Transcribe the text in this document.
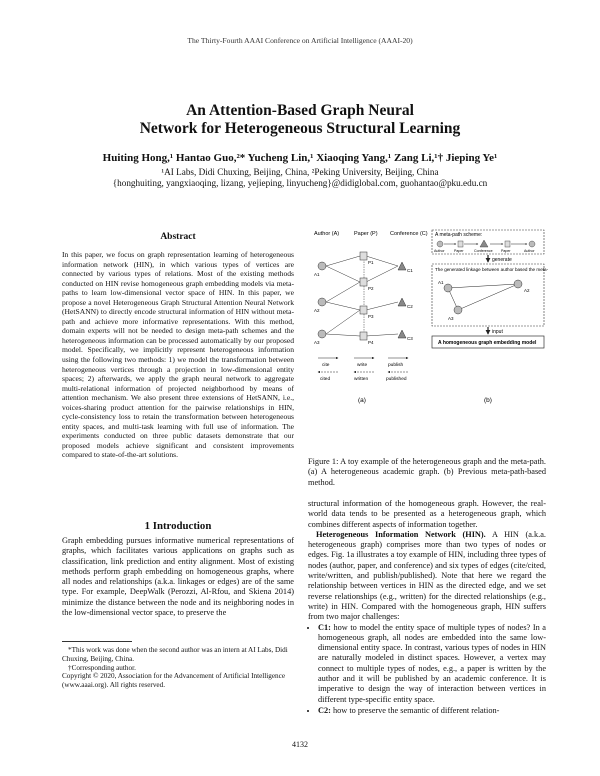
The Thirty-Fourth AAAI Conference on Artificial Intelligence (AAAI-20)
An Attention-Based Graph Neural
Network for Heterogeneous Structural Learning
Huiting Hong,¹ Hantao Guo,²* Yucheng Lin,¹ Xiaoqing Yang,¹ Zang Li,¹† Jieping Ye¹
¹AI Labs, Didi Chuxing, Beijing, China, ²Peking University, Beijing, China
{honghuiting, yangxiaoqing, lizang, yejieping, linyucheng}@didiglobal.com, guohantao@pku.edu.cn
Abstract
In this paper, we focus on graph representation learning of heterogeneous information network (HIN), in which various types of vertices are connected by various types of relations. Most of the existing methods conducted on HIN revise homogeneous graph embedding models via meta-paths to learn low-dimensional vector space of HIN. In this paper, we propose a novel Heterogeneous Graph Structural Attention Neural Network (HetSANN) to directly encode structural information of HIN without meta-path and achieve more informative representations. With this method, domain experts will not be needed to design meta-path schemes and the heterogeneous information can be processed automatically by our proposed model. Specifically, we implicitly represent heterogeneous information using the following two methods: 1) we model the transformation between heterogeneous vertices through a projection in low-dimensional entity spaces; 2) afterwards, we apply the graph neural network to aggregate multi-relational information of projected neighborhood by means of attention mechanism. We also present three extensions of HetSANN, i.e., voices-sharing product attention for the pairwise relationships in HIN, cycle-consistency loss to retain the transformation between heterogeneous entity spaces, and multi-task learning with full use of information. The experiments conducted on three public datasets demonstrate that our proposed models achieve significant and consistent improvements compared to state-of-the-art solutions.
1 Introduction
Graph embedding pursues informative numerical representations of graphs, which facilitates various applications on graphs such as classification, link prediction and entity alignment. Most of existing methods perform graph embedding on homogeneous graphs, where all nodes and relationships (a.k.a. linkages or edges) are of the same type. For example, DeepWalk (Perozzi, Al-Rfou, and Skiena 2014) minimize the distance between the node and its neighboring nodes in the low-dimensional vector space, to preserve the
*This work was done when the second author was an intern at AI Labs, Didi Chuxing, Beijing, China.
†Corresponding author.
Copyright © 2020, Association for the Advancement of Artificial Intelligence (www.aaai.org). All rights reserved.
Author (A)	Paper (P) Conference (C)
A1
A2
A3
P1
P2
P3
P4
C1
C2
C3
cite	write	publish
cited	written	published
(a)
A meta-path scheme:
Author	Paper	Conference Paper	Author
generate
The generated linkage between author based the meta-path:
A1
A2
A3
input
A homogeneous graph embedding model
(b)
Figure 1: A toy example of the heterogeneous graph and the meta-path. (a) A heterogeneous academic graph. (b) Previous meta-path-based method.

structural information of the homogeneous graph. However, the real-world data tends to be presented as a heterogeneous graph, which combines different aspects of information together.

Heterogeneous Information Network (HIN). A HIN (a.k.a. heterogeneous graph) comprises more than two types of nodes or edges. Fig. 1a illustrates a toy example of HIN, including three types of nodes (author, paper, and conference) and six types of edges (cite/cited, write/written, and publish/published). Note that here we regard the relationship between vertices in HIN as the directed edge, and we set reverse relationships (e.g., written) for the directed relationships (e.g., write) in HIN. Compared with the homogeneous graph, HIN suffers from two major challenges:

• C1: how to model the entity space of multiple types of nodes? In a homogeneous graph, all nodes are embedded into the same low-dimensional entity space. In contrast, various types of nodes in HIN are naturally modeled in distinct spaces. However, a vertex may connect to multiple types of nodes, e.g., a paper is written by the author and it will be published by an academic conference. It is imperative to design the way of interaction between vertices in different type-specific entity space.
• C2: how to preserve the semantic of different relation-
4132
